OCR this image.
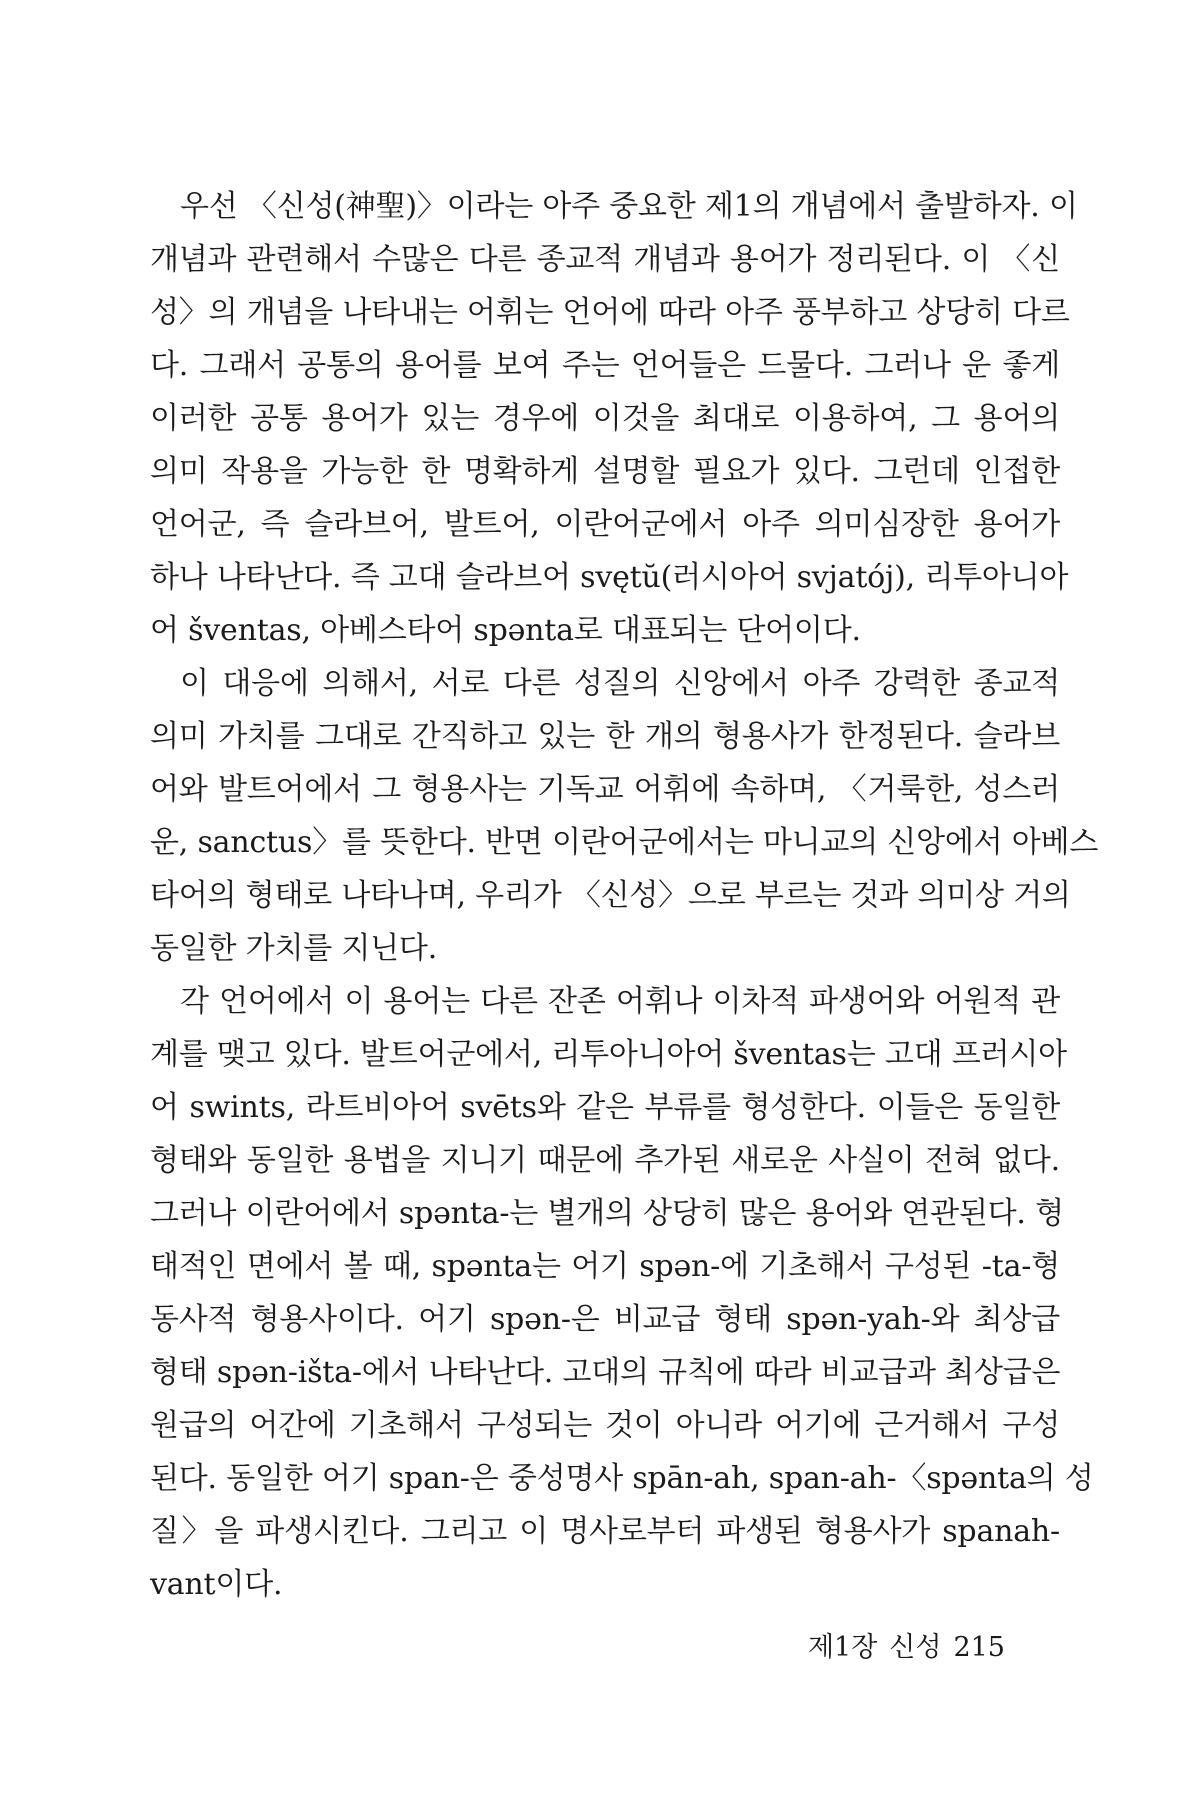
우선 〈신성(神聖)〉이라는 아주 중요한 제1의 개념에서 출발하자. 이
개념과 관련해서 수많은 다른 종교적 개념과 용어가 정리된다. 이 〈신
성〉의 개념을 나타내는 어휘는 언어에 따라 아주 풍부하고 상당히 다르
다. 그래서 공통의 용어를 보여 주는 언어들은 드물다. 그러나 운 좋게
이러한 공통 용어가 있는 경우에 이것을 최대로 이용하여, 그 용어의
의미 작용을 가능한 한 명확하게 설명할 필요가 있다. 그런데 인접한
언어군, 즉 슬라브어, 발트어, 이란어군에서 아주 의미심장한 용어가
하나 나타난다. 즉 고대 슬라브어 svętŭ(러시아어 svjatój), 리투아니아
어 šventas, 아베스타어 spənta로 대표되는 단어이다.
이 대응에 의해서, 서로 다른 성질의 신앙에서 아주 강력한 종교적
의미 가치를 그대로 간직하고 있는 한 개의 형용사가 한정된다. 슬라브
어와 발트어에서 그 형용사는 기독교 어휘에 속하며, 〈거룩한, 성스러
운, sanctus〉를 뜻한다. 반면 이란어군에서는 마니교의 신앙에서 아베스
타어의 형태로 나타나며, 우리가 〈신성〉으로 부르는 것과 의미상 거의
동일한 가치를 지닌다.
각 언어에서 이 용어는 다른 잔존 어휘나 이차적 파생어와 어원적 관
계를 맺고 있다. 발트어군에서, 리투아니아어 šventas는 고대 프러시아
어 swints, 라트비아어 svēts와 같은 부류를 형성한다. 이들은 동일한
형태와 동일한 용법을 지니기 때문에 추가된 새로운 사실이 전혀 없다.
그러나 이란어에서 spənta-는 별개의 상당히 많은 용어와 연관된다. 형
태적인 면에서 볼 때, spənta는 어기 spən-에 기초해서 구성된 -ta-형
동사적 형용사이다. 어기 spən-은 비교급 형태 spən-yah-와 최상급
형태 spən-išta-에서 나타난다. 고대의 규칙에 따라 비교급과 최상급은
원급의 어간에 기초해서 구성되는 것이 아니라 어기에 근거해서 구성
된다. 동일한 어기 span-은 중성명사 spān-ah, span-ah-〈spənta의 성
질〉을 파생시킨다. 그리고 이 명사로부터 파생된 형용사가 spanah-
vant이다.
제1장 신성 215
